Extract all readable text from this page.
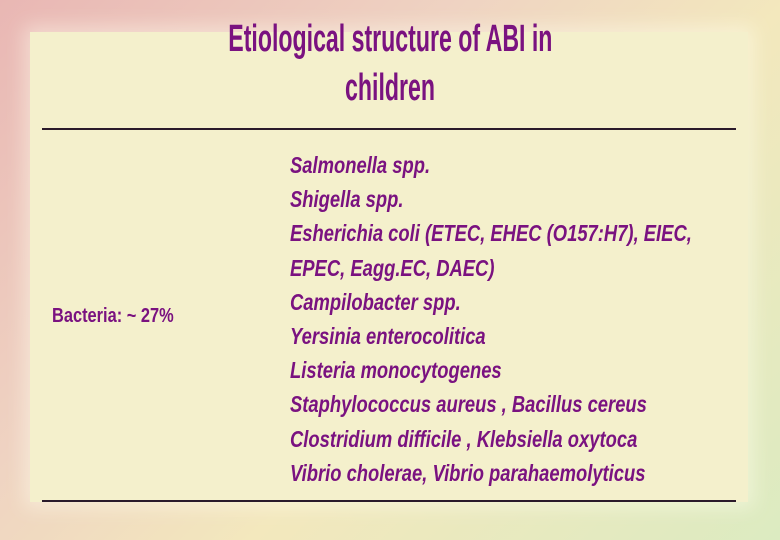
Etiological structure of ABI in
children
Bacteria: ~ 27%
Salmonella spp.
Shigella spp.
Esherichia coli (ETEC, EHEC (O157:H7), EIEC,
EPEC, Eagg.EC, DAEC)
Campilobacter spp.
Yersinia enterocolitica
Listeria monocytogenes
Staphylococcus aureus , Bacillus cereus
Clostridium difficile , Klebsiella oxytoca
Vibrio cholerae, Vibrio parahaemolyticus
